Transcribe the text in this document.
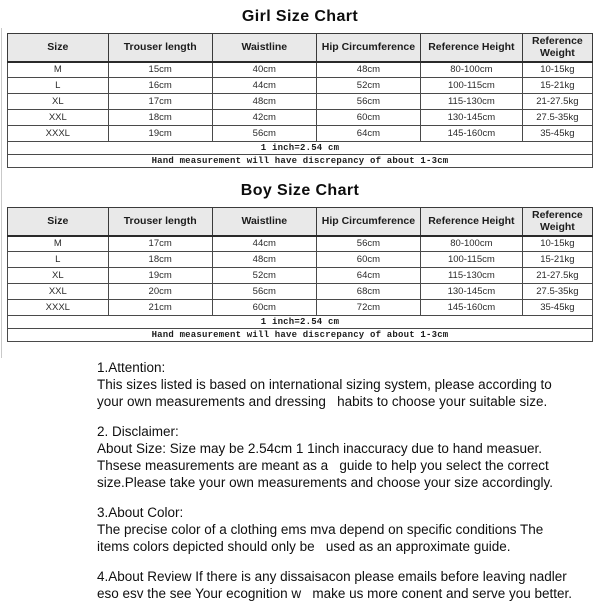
Girl Size Chart
Size	Trouser length	Waistline	Hip Circumference	Reference Height	Reference Weight
M	15cm	40cm	48cm	80-100cm	10-15kg
L	16cm	44cm	52cm	100-115cm	15-21kg
XL	17cm	48cm	56cm	115-130cm	21-27.5kg
XXL	18cm	42cm	60cm	130-145cm	27.5-35kg
XXXL	19cm	56cm	64cm	145-160cm	35-45kg
1 inch=2.54 cm					
Hand measurement will have discrepancy of about 1-3cm					
Boy Size Chart
Size	Trouser length	Waistline	Hip Circumference	Reference Height	Reference Weight
M	17cm	44cm	56cm	80-100cm	10-15kg
L	18cm	48cm	60cm	100-115cm	15-21kg
XL	19cm	52cm	64cm	115-130cm	21-27.5kg
XXL	20cm	56cm	68cm	130-145cm	27.5-35kg
XXXL	21cm	60cm	72cm	145-160cm	35-45kg
1 inch=2.54 cm					
Hand measurement will have discrepancy of about 1-3cm					
1.Attention:
This sizes listed is based on international sizing system, please according to
your own measurements and dressing   habits to choose your suitable size.
2. Disclaimer:
About Size: Size may be 2.54cm 1 1inch inaccuracy due to hand measuer.
Thsese measurements are meant as a   guide to help you select the correct
size.Please take your own measurements and choose your size accordingly.
3.About Color:
The precise color of a clothing ems mva depend on specific conditions The
items colors depicted should only be   used as an approximate guide.
4.About Review If there is any dissaisacon please emails before leaving nadler
eso esv the see Your ecognition w   make us more conent and serve you better.
